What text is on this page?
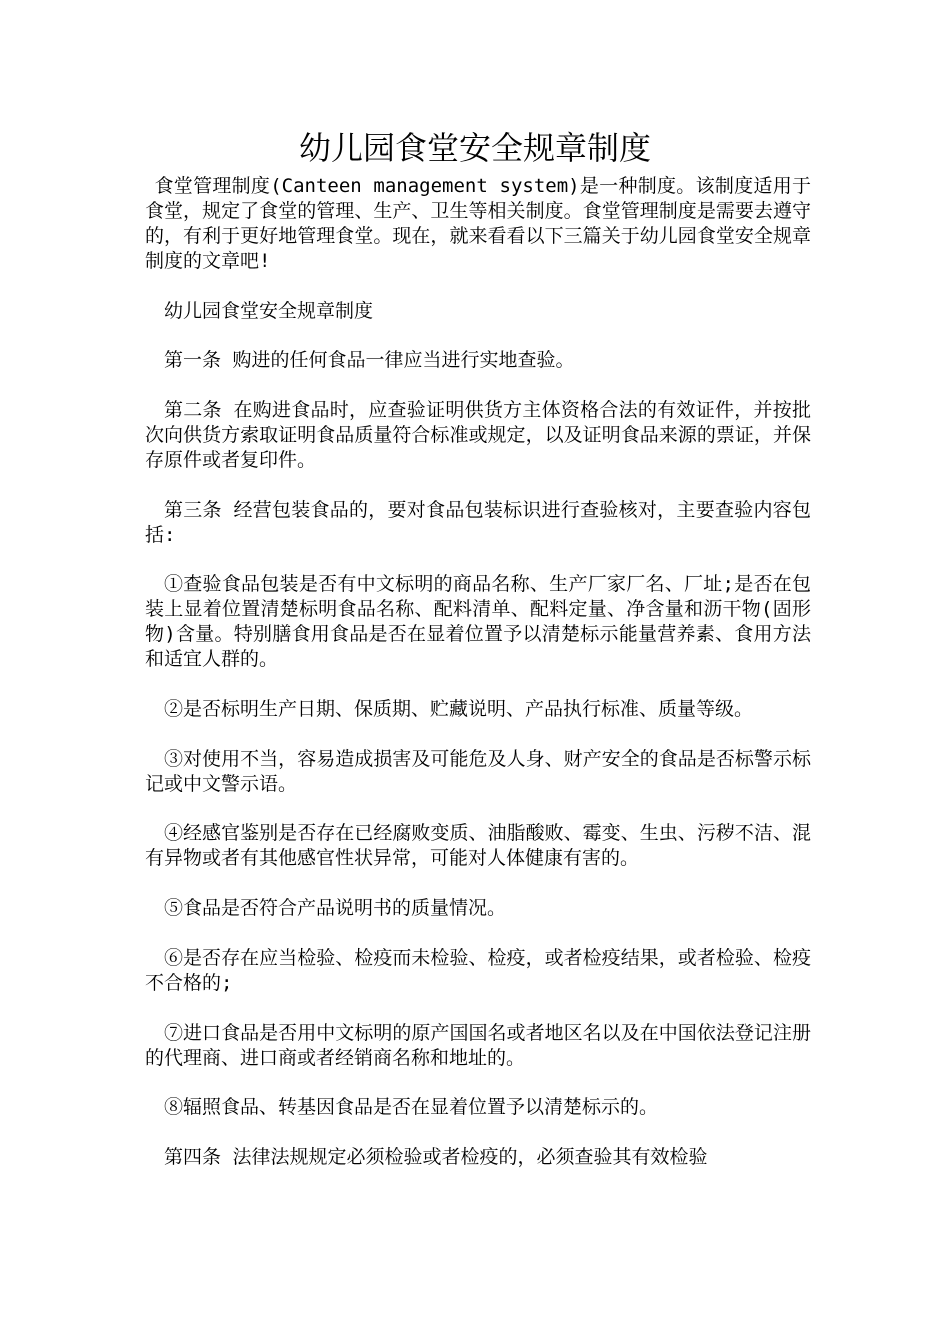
幼儿园食堂安全规章制度

食堂管理制度(Canteen management system)是一种制度。该制度适用于食堂，规定了食堂的管理、生产、卫生等相关制度。食堂管理制度是需要去遵守的，有利于更好地管理食堂。现在，就来看看以下三篇关于幼儿园食堂安全规章制度的文章吧!

幼儿园食堂安全规章制度

第一条 购进的任何食品一律应当进行实地查验。

第二条 在购进食品时，应查验证明供货方主体资格合法的有效证件，并按批次向供货方索取证明食品质量符合标准或规定，以及证明食品来源的票证，并保存原件或者复印件。

第三条 经营包装食品的，要对食品包装标识进行查验核对，主要查验内容包括:

①查验食品包装是否有中文标明的商品名称、生产厂家厂名、厂址;是否在包装上显着位置清楚标明食品名称、配料清单、配料定量、净含量和沥干物(固形物)含量。特别膳食用食品是否在显着位置予以清楚标示能量营养素、食用方法和适宜人群的。

②是否标明生产日期、保质期、贮藏说明、产品执行标准、质量等级。

③对使用不当，容易造成损害及可能危及人身、财产安全的食品是否标警示标记或中文警示语。

④经感官鉴别是否存在已经腐败变质、油脂酸败、霉变、生虫、污秽不洁、混有异物或者有其他感官性状异常，可能对人体健康有害的。

⑤食品是否符合产品说明书的质量情况。

⑥是否存在应当检验、检疫而未检验、检疫，或者检疫结果，或者检验、检疫不合格的;

⑦进口食品是否用中文标明的原产国国名或者地区名以及在中国依法登记注册的代理商、进口商或者经销商名称和地址的。

⑧辐照食品、转基因食品是否在显着位置予以清楚标示的。

第四条 法律法规规定必须检验或者检疫的，必须查验其有效检验
